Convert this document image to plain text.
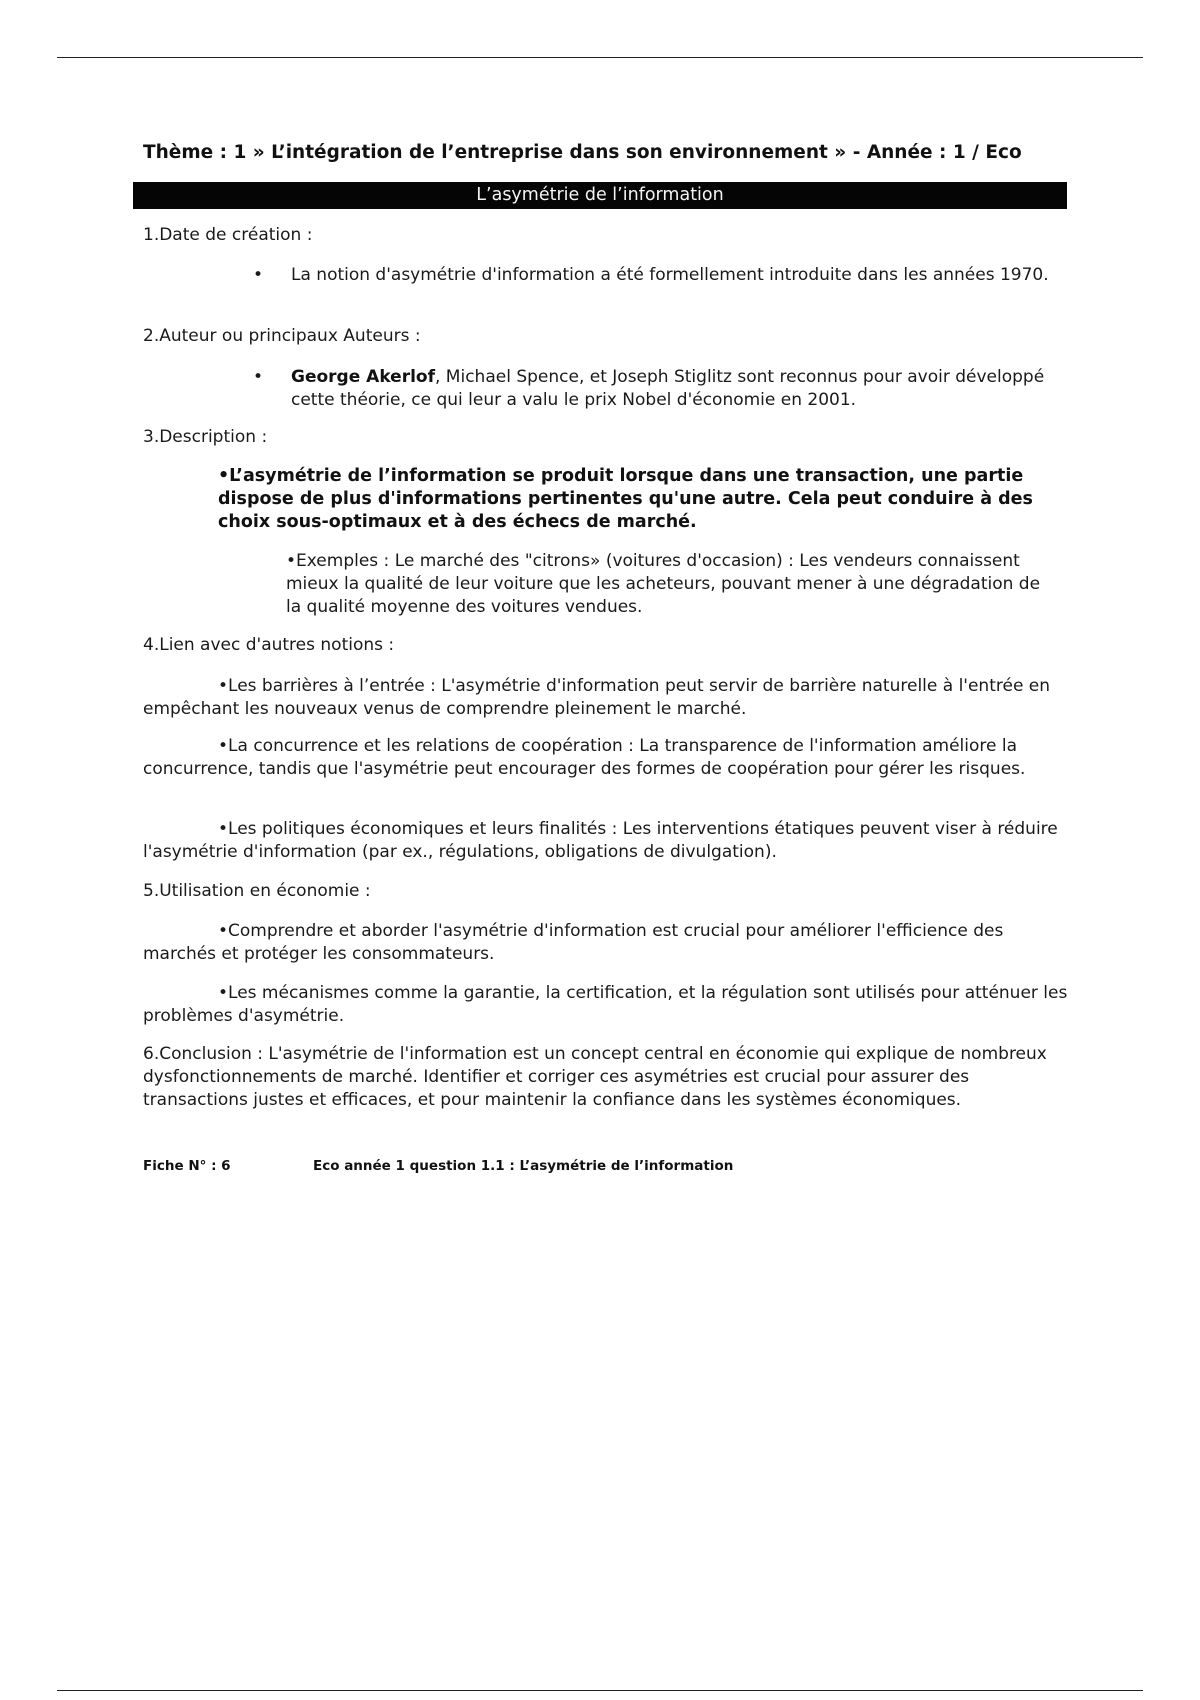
Thème : 1 » L’intégration de l’entreprise dans son environnement » - Année : 1 / Eco
L’asymétrie de l’information
1.Date de création :
• La notion d'asymétrie d'information a été formellement introduite dans les années 1970.
2.Auteur ou principaux Auteurs :
• George Akerlof, Michael Spence, et Joseph Stiglitz sont reconnus pour avoir développé cette théorie, ce qui leur a valu le prix Nobel d'économie en 2001.
3.Description :
•L’asymétrie de l’information se produit lorsque dans une transaction, une partie dispose de plus d'informations pertinentes qu'une autre. Cela peut conduire à des choix sous-optimaux et à des échecs de marché.
•Exemples : Le marché des "citrons» (voitures d'occasion) : Les vendeurs connaissent mieux la qualité de leur voiture que les acheteurs, pouvant mener à une dégradation de la qualité moyenne des voitures vendues.
4.Lien avec d'autres notions :
•Les barrières à l’entrée : L'asymétrie d'information peut servir de barrière naturelle à l'entrée en empêchant les nouveaux venus de comprendre pleinement le marché.
•La concurrence et les relations de coopération : La transparence de l'information améliore la concurrence, tandis que l'asymétrie peut encourager des formes de coopération pour gérer les risques.
•Les politiques économiques et leurs finalités : Les interventions étatiques peuvent viser à réduire l'asymétrie d'information (par ex., régulations, obligations de divulgation).
5.Utilisation en économie :
•Comprendre et aborder l'asymétrie d'information est crucial pour améliorer l'efficience des marchés et protéger les consommateurs.
•Les mécanismes comme la garantie, la certification, et la régulation sont utilisés pour atténuer les problèmes d'asymétrie.
6.Conclusion : L'asymétrie de l'information est un concept central en économie qui explique de nombreux dysfonctionnements de marché. Identifier et corriger ces asymétries est crucial pour assurer des transactions justes et efficaces, et pour maintenir la confiance dans les systèmes économiques.
Fiche N° : 6	Eco année 1 question 1.1 : L’asymétrie de l’information
